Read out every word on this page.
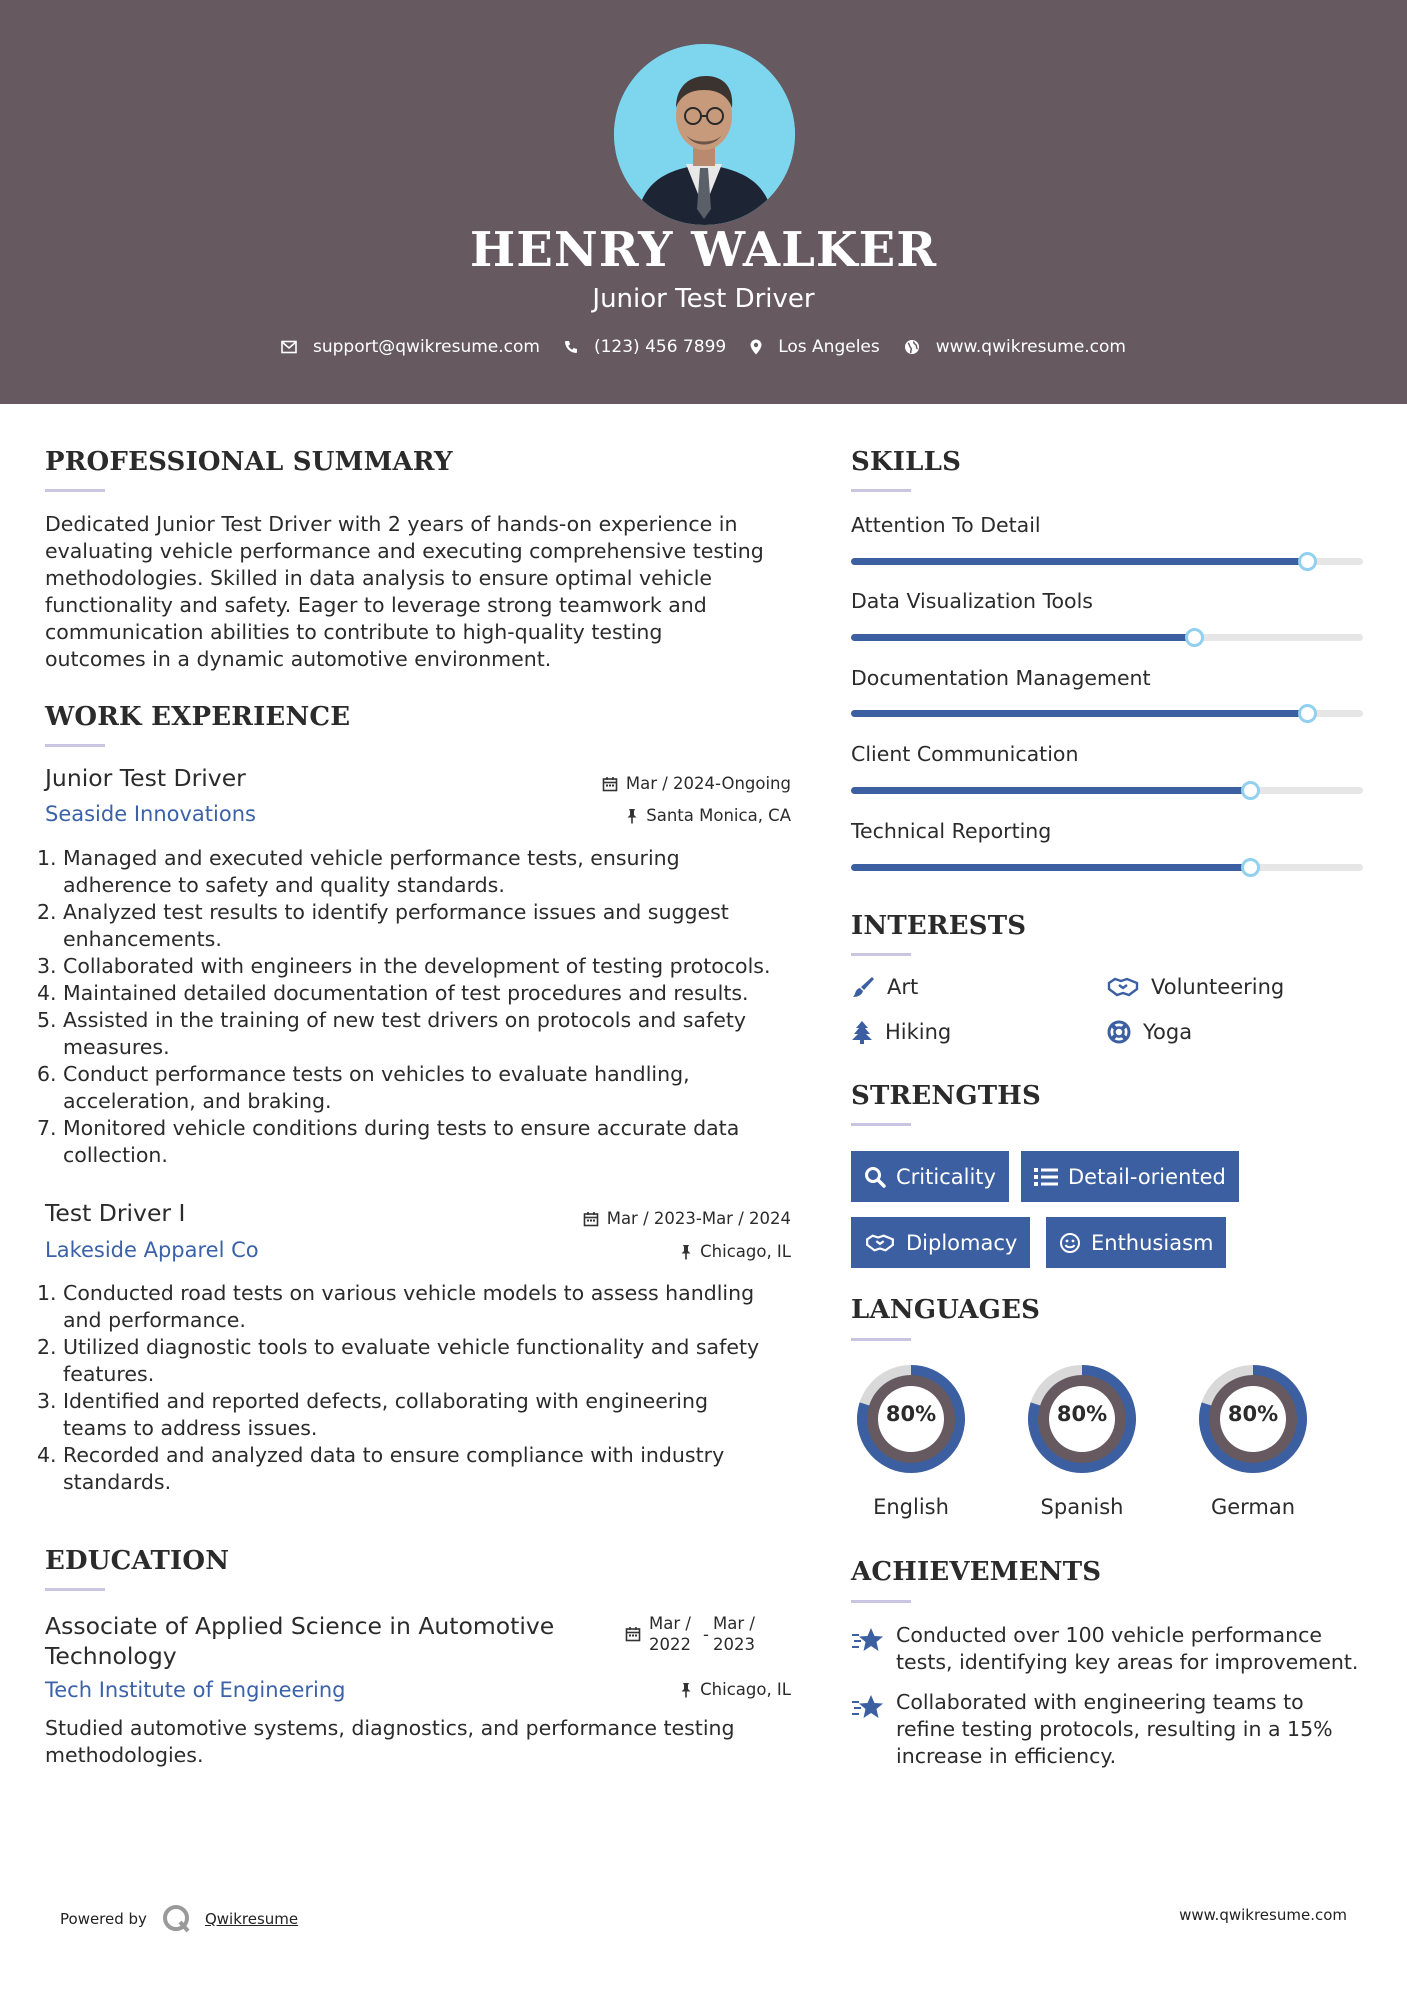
HENRY WALKER
Junior Test Driver
support@qwikresume.com	(123) 456 7899	Los Angeles	www.qwikresume.com
PROFESSIONAL SUMMARY
Dedicated Junior Test Driver with 2 years of hands-on experience in
evaluating vehicle performance and executing comprehensive testing
methodologies. Skilled in data analysis to ensure optimal vehicle
functionality and safety. Eager to leverage strong teamwork and
communication abilities to contribute to high-quality testing
outcomes in a dynamic automotive environment.
WORK EXPERIENCE
Junior Test Driver	Mar / 2024-Ongoing
Seaside Innovations	Santa Monica, CA
1. Managed and executed vehicle performance tests, ensuring
adherence to safety and quality standards.
2. Analyzed test results to identify performance issues and suggest
enhancements.
3. Collaborated with engineers in the development of testing protocols.
4. Maintained detailed documentation of test procedures and results.
5. Assisted in the training of new test drivers on protocols and safety
measures.
6. Conduct performance tests on vehicles to evaluate handling,
acceleration, and braking.
7. Monitored vehicle conditions during tests to ensure accurate data
collection.
Test Driver I	Mar / 2023-Mar / 2024
Lakeside Apparel Co	Chicago, IL
1. Conducted road tests on various vehicle models to assess handling
and performance.
2. Utilized diagnostic tools to evaluate vehicle functionality and safety
features.
3. Identified and reported defects, collaborating with engineering
teams to address issues.
4. Recorded and analyzed data to ensure compliance with industry
standards.
EDUCATION
Associate of Applied Science in Automotive
Technology
Mar /
2022
-
Mar /
2023
Tech Institute of Engineering	Chicago, IL
Studied automotive systems, diagnostics, and performance testing
methodologies.
SKILLS
Attention To Detail
Data Visualization Tools
Documentation Management
Client Communication
Technical Reporting
INTERESTS
Art	Volunteering
Hiking	Yoga
STRENGTHS
Criticality	Detail-oriented
Diplomacy	Enthusiasm
LANGUAGES
80%
English
80%
Spanish
80%
German
ACHIEVEMENTS
Conducted over 100 vehicle performance
tests, identifying key areas for improvement.
Collaborated with engineering teams to
refine testing protocols, resulting in a 15%
increase in efficiency.
Powered by	Qwikresume	www.qwikresume.com
